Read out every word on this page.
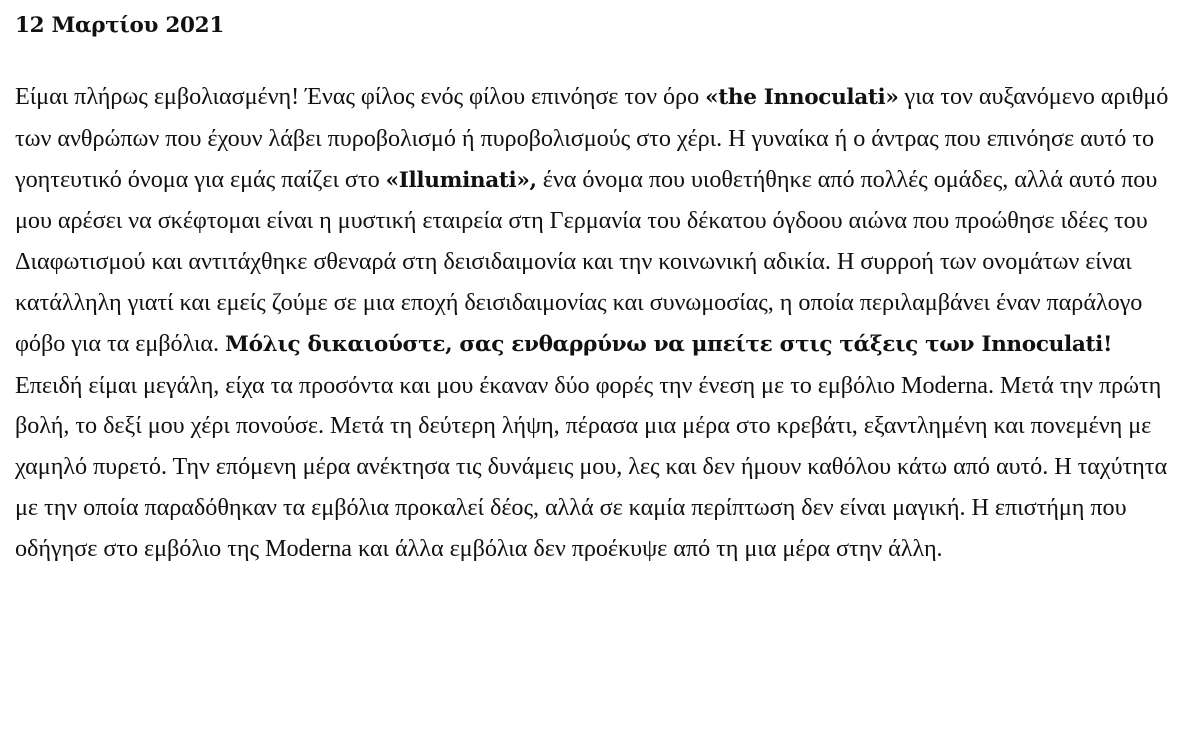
12 Μαρτίου 2021

Είμαι πλήρως εμβολιασμένη! Ένας φίλος ενός φίλου επινόησε τον όρο «the Innoculati» για τον αυξανόμενο αριθμό των ανθρώπων που έχουν λάβει πυροβολισμό ή πυροβολισμούς στο χέρι. Η γυναίκα ή ο άντρας που επινόησε αυτό το γοητευτικό όνομα για εμάς παίζει στο «Illuminati», ένα όνομα που υιοθετήθηκε από πολλές ομάδες, αλλά αυτό που μου αρέσει να σκέφτομαι είναι η μυστική εταιρεία στη Γερμανία του δέκατου όγδοου αιώνα που προώθησε ιδέες του Διαφωτισμού και αντιτάχθηκε σθεναρά στη δεισιδαιμονία και την κοινωνική αδικία. Η συρροή των ονομάτων είναι κατάλληλη γιατί και εμείς ζούμε σε μια εποχή δεισιδαιμονίας και συνωμοσίας, η οποία περιλαμβάνει έναν παράλογο φόβο για τα εμβόλια. Μόλις δικαιούστε, σας ενθαρρύνω να μπείτε στις τάξεις των Innoculati!

Επειδή είμαι μεγάλη, είχα τα προσόντα και μου έκαναν δύο φορές την ένεση με το εμβόλιο Moderna. Μετά την πρώτη βολή, το δεξί μου χέρι πονούσε. Μετά τη δεύτερη λήψη, πέρασα μια μέρα στο κρεβάτι, εξαντλημένη και πονεμένη με χαμηλό πυρετό. Την επόμενη μέρα ανέκτησα τις δυνάμεις μου, λες και δεν ήμουν καθόλου κάτω από αυτό. Η ταχύτητα με την οποία παραδόθηκαν τα εμβόλια προκαλεί δέος, αλλά σε καμία περίπτωση δεν είναι μαγική. Η επιστήμη που οδήγησε στο εμβόλιο της Moderna και άλλα εμβόλια δεν προέκυψε από τη μια μέρα στην άλλη.
